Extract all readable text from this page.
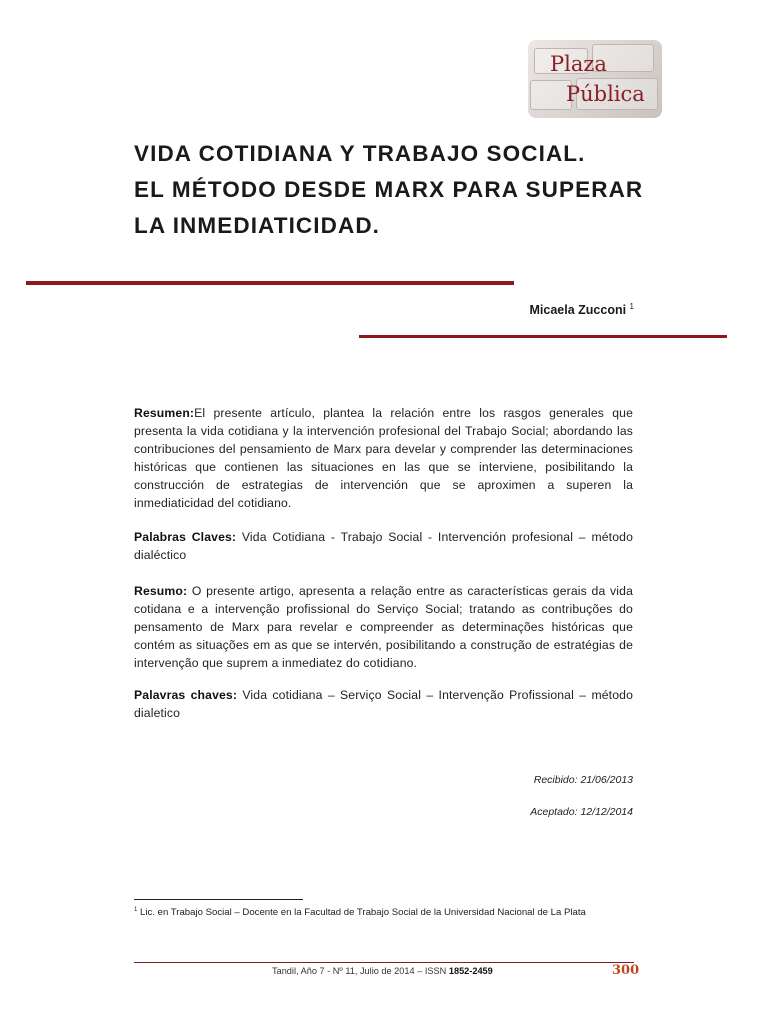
Plaza
Pública
VIDA COTIDIANA Y TRABAJO SOCIAL.
EL MÉTODO DESDE MARX PARA SUPERAR
LA INMEDIATICIDAD.
Micaela Zucconi $^1$

Resumen:El presente artículo, plantea la relación entre los rasgos generales que presenta la vida cotidiana y la intervención profesional del Trabajo Social; abordando las contribuciones del pensamiento de Marx para develar y comprender las determinaciones históricas que contienen las situaciones en las que se interviene, posibilitando la construcción de estrategias de intervención que se aproximen a superen la inmediaticidad del cotidiano.

Palabras Claves: Vida Cotidiana - Trabajo Social - Intervención profesional – método dialéctico

Resumo: O presente artigo, apresenta a relação entre as características gerais da vida cotidana e a intervenção profissional do Serviço Social; tratando as contribuções do pensamento de Marx para revelar e compreender as determinações históricas que contém as situações em as que se intervén, posibilitando a construção de estratégias de intervenção que suprem a inmediatez do cotidiano.

Palavras chaves: Vida cotidiana – Serviço Social – Intervenção Profissional – método dialetico

Recibido: 21/06/2013
Aceptado: 12/12/2014
$^1$ Lic. en Trabajo Social – Docente en la Facultad de Trabajo Social de la Universidad Nacional de La Plata
Tandil, Año 7 - Nº 11, Julio de 2014 – ISSN 1852-2459	300
